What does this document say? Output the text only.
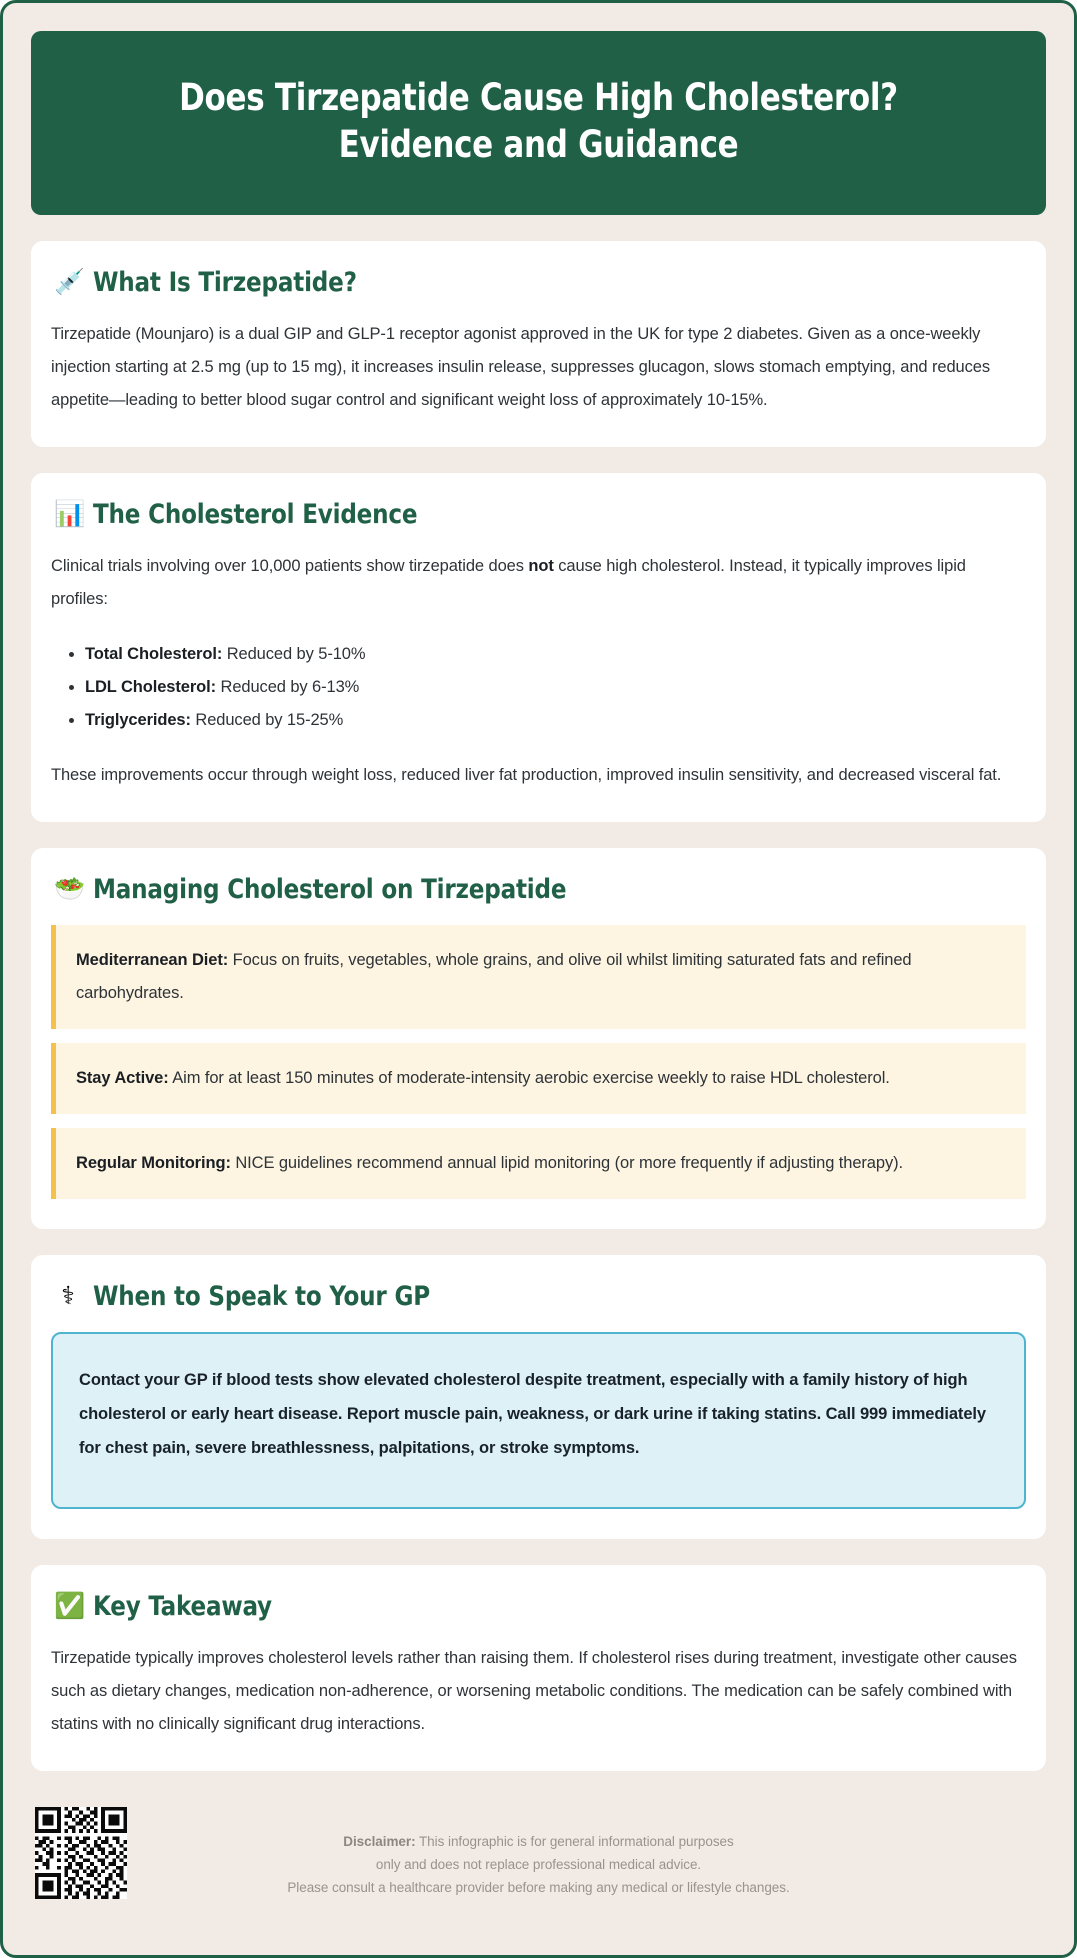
Does Tirzepatide Cause High Cholesterol? Evidence and Guidance
💉 What Is Tirzepatide?

Tirzepatide (Mounjaro) is a dual GIP and GLP-1 receptor agonist approved in the UK for type 2 diabetes. Given as a once-weekly injection starting at 2.5 mg (up to 15 mg), it increases insulin release, suppresses glucagon, slows stomach emptying, and reduces appetite—leading to better blood sugar control and significant weight loss of approximately 10-15%.

📊 The Cholesterol Evidence

Clinical trials involving over 10,000 patients show tirzepatide does not cause high cholesterol. Instead, it typically improves lipid profiles:

• Total Cholesterol: Reduced by 5-10%
• LDL Cholesterol: Reduced by 6-13%
• Triglycerides: Reduced by 15-25%

These improvements occur through weight loss, reduced liver fat production, improved insulin sensitivity, and decreased visceral fat.

🥗 Managing Cholesterol on Tirzepatide
Mediterranean Diet: Focus on fruits, vegetables, whole grains, and olive oil whilst limiting saturated fats and refined carbohydrates.
Stay Active: Aim for at least 150 minutes of moderate-intensity aerobic exercise weekly to raise HDL cholesterol.
Regular Monitoring: NICE guidelines recommend annual lipid monitoring (or more frequently if adjusting therapy).
⚕ When to Speak to Your GP
Contact your GP if blood tests show elevated cholesterol despite treatment, especially with a family history of high cholesterol or early heart disease. Report muscle pain, weakness, or dark urine if taking statins. Call 999 immediately for chest pain, severe breathlessness, palpitations, or stroke symptoms.
✅ Key Takeaway

Tirzepatide typically improves cholesterol levels rather than raising them. If cholesterol rises during treatment, investigate other causes such as dietary changes, medication non-adherence, or worsening metabolic conditions. The medication can be safely combined with statins with no clinically significant drug interactions.

Disclaimer: This infographic is for general informational purposes
only and does not replace professional medical advice.
Please consult a healthcare provider before making any medical or lifestyle changes.
